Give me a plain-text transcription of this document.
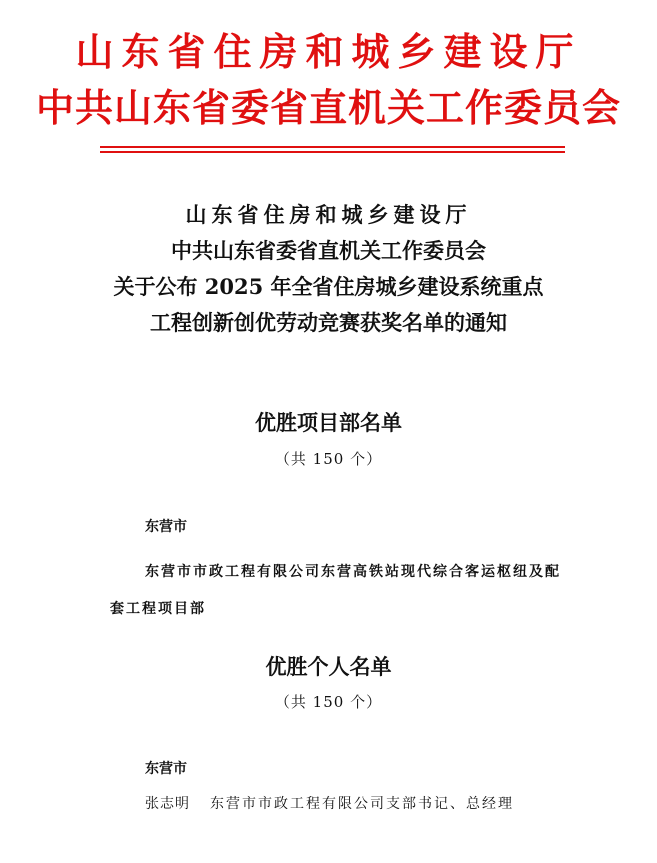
山东省住房和城乡建设厅
中共山东省委省直机关工作委员会
山东省住房和城乡建设厅
中共山东省委省直机关工作委员会
关于公布 2025 年全省住房城乡建设系统重点
工程创新创优劳动竞赛获奖名单的通知
优胜项目部名单
（共 150 个）
东营市
东营市市政工程有限公司东营高铁站现代综合客运枢纽及配
套工程项目部
优胜个人名单
（共 150 个）
东营市
张志明 东营市市政工程有限公司支部书记、总经理
